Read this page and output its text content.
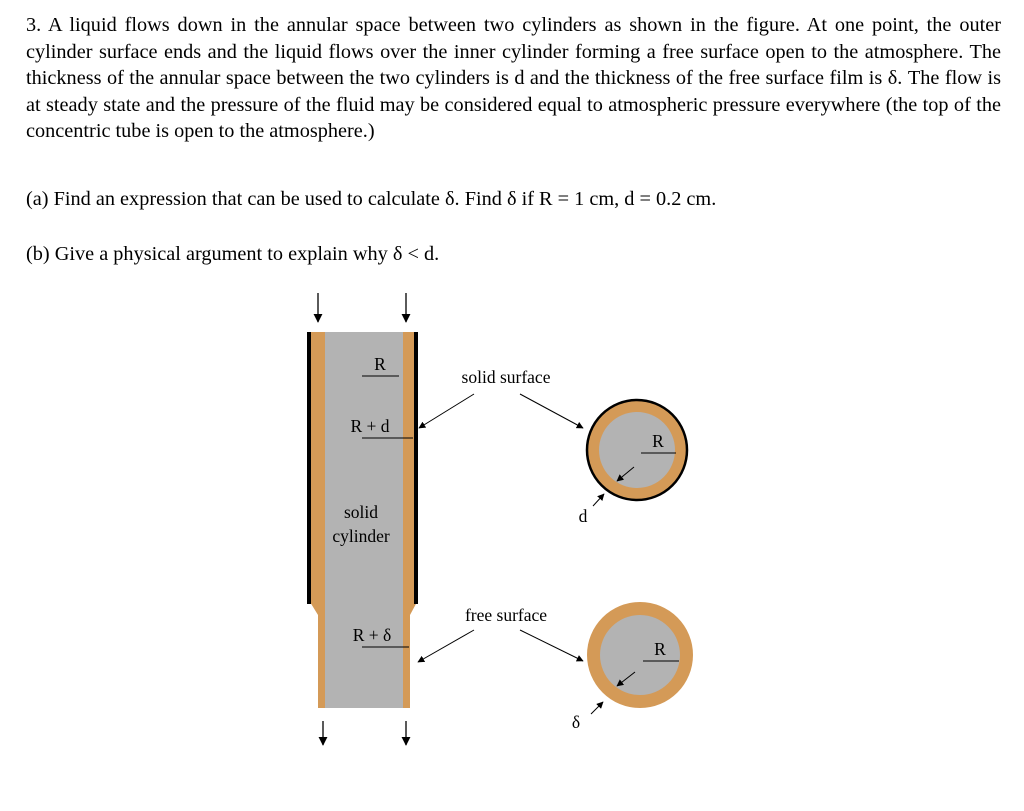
3. A liquid flows down in the annular space between two cylinders as shown in the figure. At one point, the outer cylinder surface ends and the liquid flows over the inner cylinder forming a free surface open to the atmosphere. The thickness of the annular space between the two cylinders is d and the thickness of the free surface film is δ. The flow is at steady state and the pressure of the fluid may be considered equal to atmospheric pressure everywhere (the top of the concentric tube is open to the atmosphere.)

(a) Find an expression that can be used to calculate δ. Find δ if R = 1 cm, d = 0.2 cm.

(b) Give a physical argument to explain why δ < d.

R
R + d
solid
cylinder
R + δ
solid surface
R
d
free surface
R
δ
